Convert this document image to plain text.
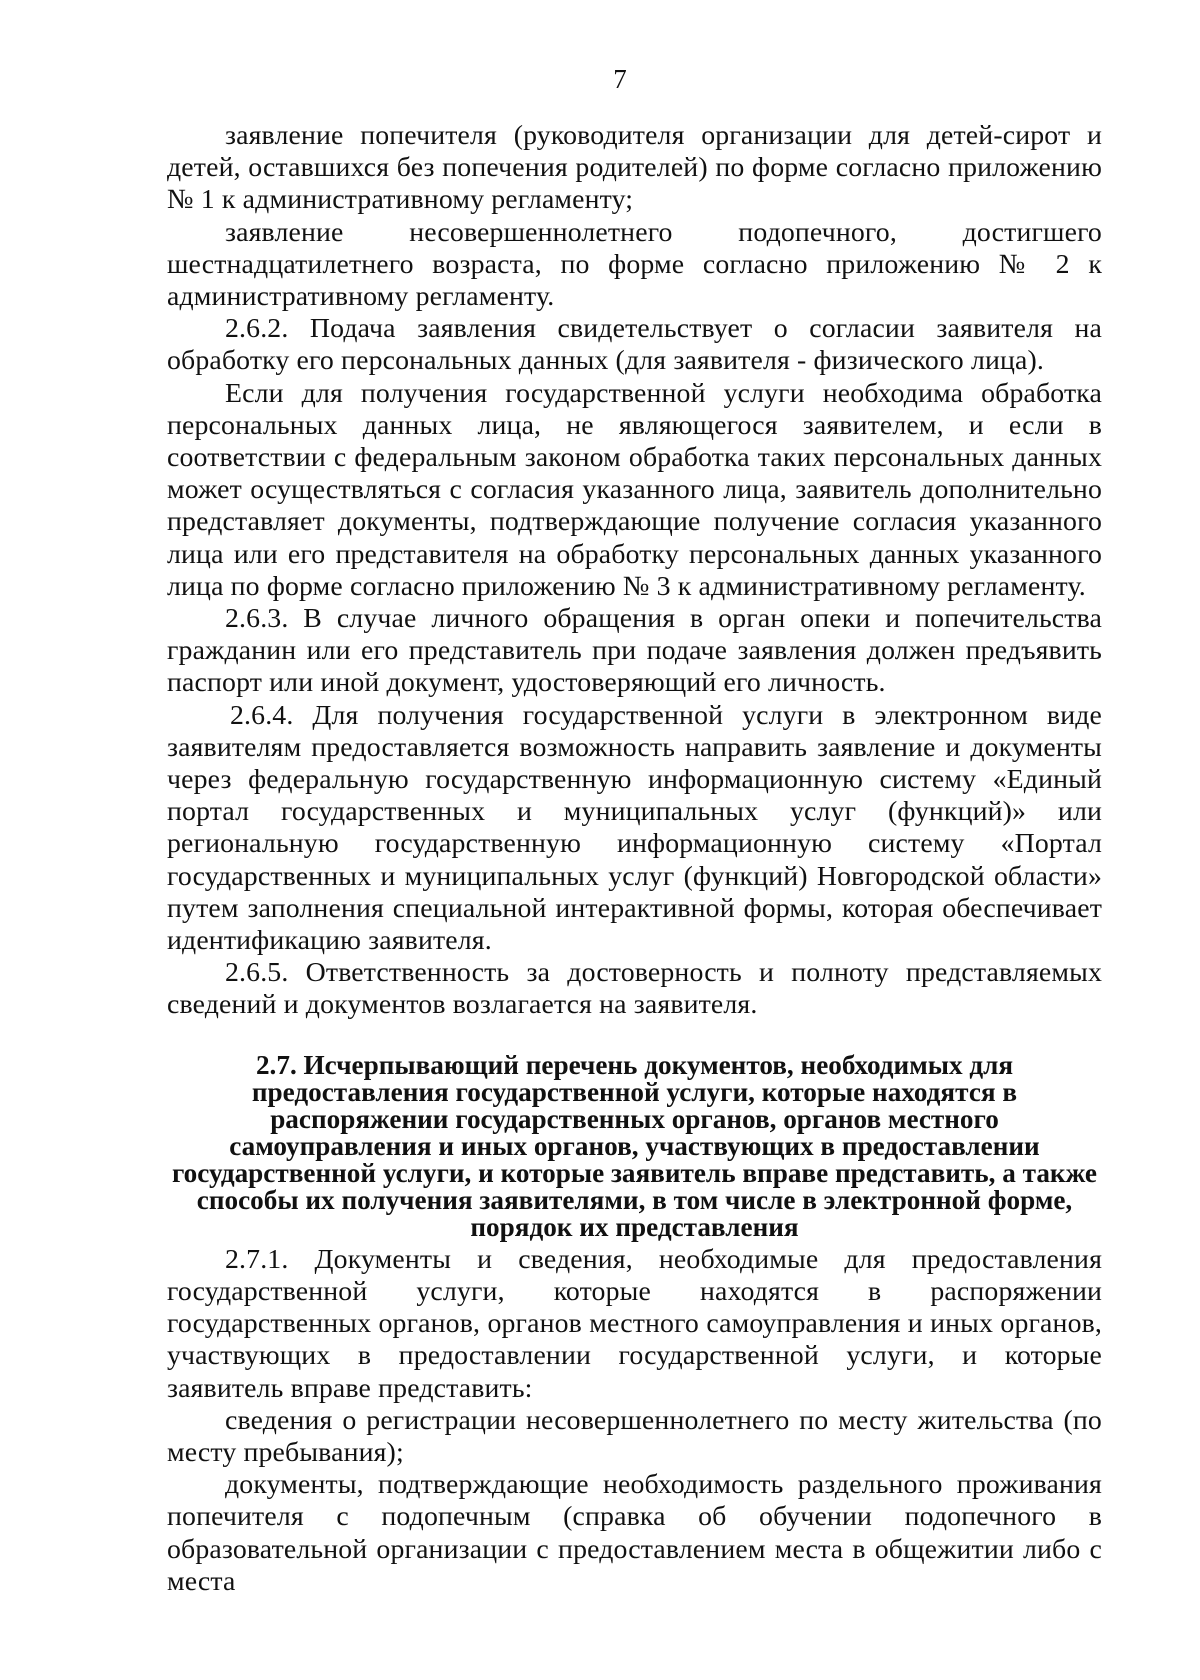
7

заявление попечителя (руководителя организации для детей-сирот и детей, оставшихся без попечения родителей) по форме согласно приложению № 1 к административному регламенту;

заявление несовершеннолетнего подопечного, достигшего шестнадцатилетнего возраста, по форме согласно приложению № 2 к административному регламенту.

2.6.2. Подача заявления свидетельствует о согласии заявителя на обработку его персональных данных (для заявителя - физического лица).

Если для получения государственной услуги необходима обработка персональных данных лица, не являющегося заявителем, и если в соответствии с федеральным законом обработка таких персональных данных может осуществляться с согласия указанного лица, заявитель дополнительно представляет документы, подтверждающие получение согласия указанного лица или его представителя на обработку персональных данных указанного лица по форме согласно приложению № 3 к административному регламенту.

2.6.3. В случае личного обращения в орган опеки и попечительства гражданин или его представитель при подаче заявления должен предъявить паспорт или иной документ, удостоверяющий его личность.

2.6.4. Для получения государственной услуги в электронном виде заявителям предоставляется возможность направить заявление и документы через федеральную государственную информационную систему «Единый портал государственных и муниципальных услуг (функций)» или региональную государственную информационную систему «Портал государственных и муниципальных услуг (функций) Новгородской области» путем заполнения специальной интерактивной формы, которая обеспечивает идентификацию заявителя.

2.6.5. Ответственность за достоверность и полноту представляемых сведений и документов возлагается на заявителя.

2.7. Исчерпывающий перечень документов, необходимых для предоставления государственной услуги, которые находятся в распоряжении государственных органов, органов местного самоуправления и иных органов, участвующих в предоставлении государственной услуги, и которые заявитель вправе представить, а также способы их получения заявителями, в том числе в электронной форме, порядок их представления

2.7.1. Документы и сведения, необходимые для предоставления государственной услуги, которые находятся в распоряжении государственных органов, органов местного самоуправления и иных органов, участвующих в предоставлении государственной услуги, и которые заявитель вправе представить:

сведения о регистрации несовершеннолетнего по месту жительства (по месту пребывания);

документы, подтверждающие необходимость раздельного проживания попечителя с подопечным (справка об обучении подопечного в образовательной организации с предоставлением места в общежитии либо с места
